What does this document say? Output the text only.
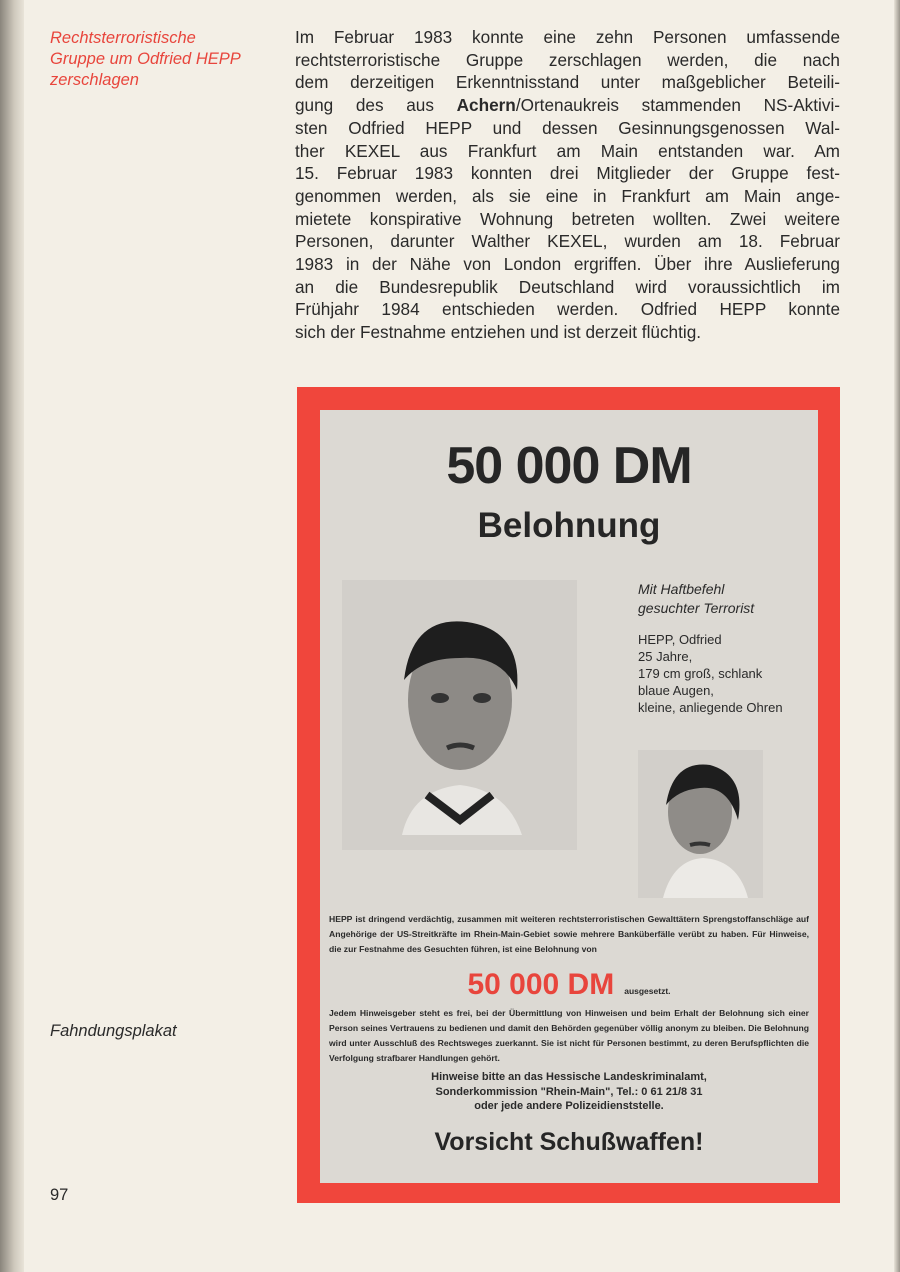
Rechtsterroristische
Gruppe um Odfried HEPP
zerschlagen
Im Februar 1983 konnte eine zehn Personen umfassende
rechtsterroristische Gruppe zerschlagen werden, die nach
dem derzeitigen Erkenntnisstand unter maßgeblicher Beteili-
gung des aus Achern/Ortenaukreis stammenden NS-Aktivi-
sten Odfried HEPP und dessen Gesinnungsgenossen Wal-
ther KEXEL aus Frankfurt am Main entstanden war. Am
15. Februar 1983 konnten drei Mitglieder der Gruppe fest-
genommen werden, als sie eine in Frankfurt am Main ange-
mietete konspirative Wohnung betreten wollten. Zwei weitere
Personen, darunter Walther KEXEL, wurden am 18. Februar
1983 in der Nähe von London ergriffen. Über ihre Auslieferung
an die Bundesrepublik Deutschland wird voraussichtlich im
Frühjahr 1984 entschieden werden. Odfried HEPP konnte
sich der Festnahme entziehen und ist derzeit flüchtig.
50 000 DM
Belohnung
Mit Haftbefehl
gesuchter Terrorist
HEPP, Odfried
25 Jahre,
179 cm groß, schlank
blaue Augen,
kleine, anliegende Ohren
HEPP ist dringend verdächtig, zusammen mit weiteren rechtsterroristischen Gewalttätern Sprengstoffanschläge auf Angehörige der US-Streitkräfte im Rhein-Main-Gebiet sowie mehrere Banküberfälle verübt zu haben. Für Hinweise, die zur Festnahme des Gesuchten führen, ist eine Belohnung von
50 000 DM ausgesetzt.
Jedem Hinweisgeber steht es frei, bei der Übermittlung von Hinweisen und beim Erhalt der Belohnung sich einer Person seines Vertrauens zu bedienen und damit den Behörden gegenüber völlig anonym zu bleiben. Die Belohnung wird unter Ausschluß des Rechtsweges zuerkannt. Sie ist nicht für Personen bestimmt, zu deren Berufspflichten die Verfolgung strafbarer Handlungen gehört.
Hinweise bitte an das Hessische Landeskriminalamt,
Sonderkommission "Rhein-Main", Tel.: 0 61 21/8 31
oder jede andere Polizeidienststelle.
Vorsicht Schußwaffen!
Fahndungsplakat
97
